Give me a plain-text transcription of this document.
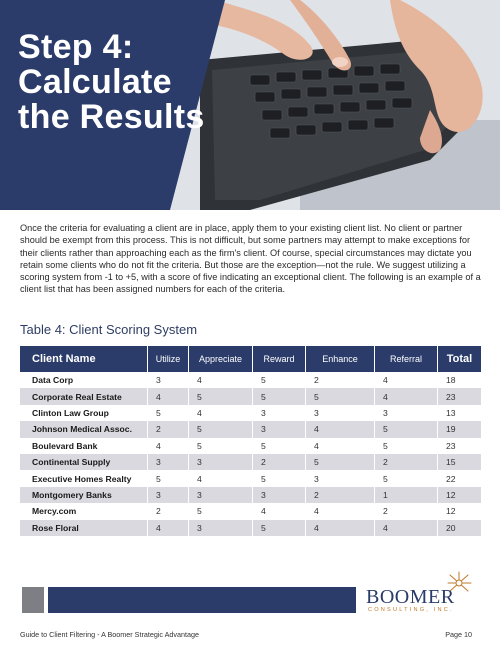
Step 4:
Calculate
the Results

Once the criteria for evaluating a client are in place, apply them to your existing client list. No client or partner should be exempt from this process. This is not difficult, but some partners may attempt to make exceptions for their clients rather than approaching each as the firm's client. Of course, special circumstances may dictate you retain some clients who do not fit the criteria. But those are the exception—not the rule. We suggest utilizing a scoring system from -1 to +5, with a score of five indicating an exceptional client. The following is an example of a client list that has been assigned numbers for each of the criteria.

Table 4: Client Scoring System
Client Name	Utilize	Appreciate	Reward	Enhance	Referral	Total
Data Corp	3	4	5	2	4	18
Corporate Real Estate	4	5	5	5	4	23
Clinton Law Group	5	4	3	3	3	13
Johnson Medical Assoc.	2	5	3	4	5	19
Boulevard Bank	4	5	5	4	5	23
Continental Supply	3	3	2	5	2	15
Executive Homes Realty	5	4	5	3	5	22
Montgomery Banks	3	3	3	2	1	12
Mercy.com	2	5	4	4	2	12
Rose Floral	4	3	5	4	4	20

BOOMER

CONSULTING, INC.

Guide to Client Filtering - A Boomer Strategic Advantage	Page 10
